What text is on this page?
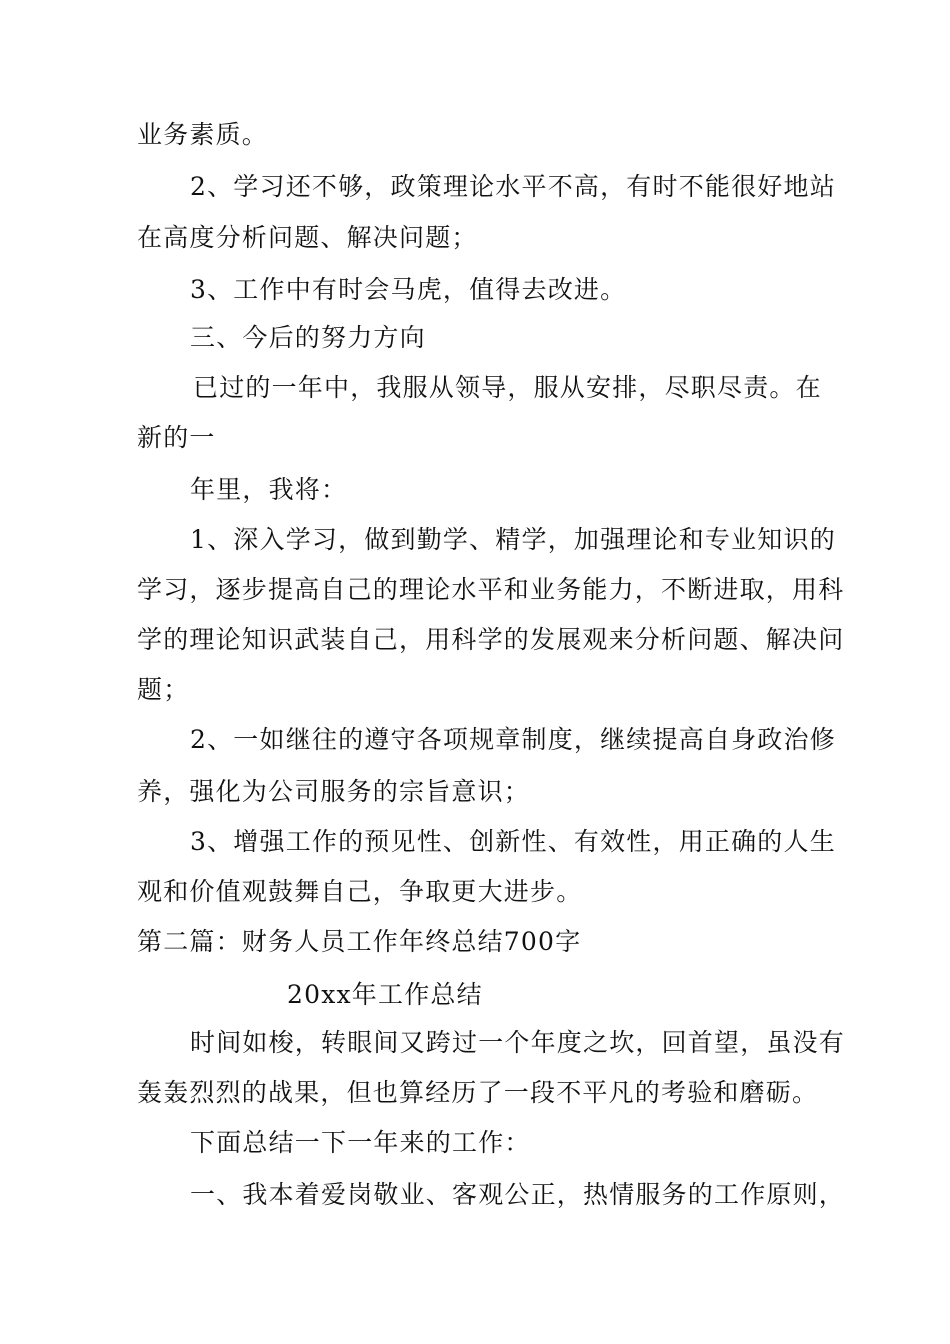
业务素质。
2、学习还不够，政策理论水平不高，有时不能很好地站
在高度分析问题、解决问题；
3、工作中有时会马虎，值得去改进。
三、今后的努力方向
已过的一年中，我服从领导，服从安排，尽职尽责。在
新的一
年里，我将：
1、深入学习，做到勤学、精学，加强理论和专业知识的
学习，逐步提高自己的理论水平和业务能力，不断进取，用科
学的理论知识武装自己，用科学的发展观来分析问题、解决问
题；
2、一如继往的遵守各项规章制度，继续提高自身政治修
养，强化为公司服务的宗旨意识；
3、增强工作的预见性、创新性、有效性，用正确的人生
观和价值观鼓舞自己，争取更大进步。
第二篇：财务人员工作年终总结700字
20xx年工作总结
时间如梭，转眼间又跨过一个年度之坎，回首望，虽没有
轰轰烈烈的战果，但也算经历了一段不平凡的考验和磨砺。
下面总结一下一年来的工作：
一、我本着爱岗敬业、客观公正，热情服务的工作原则，
